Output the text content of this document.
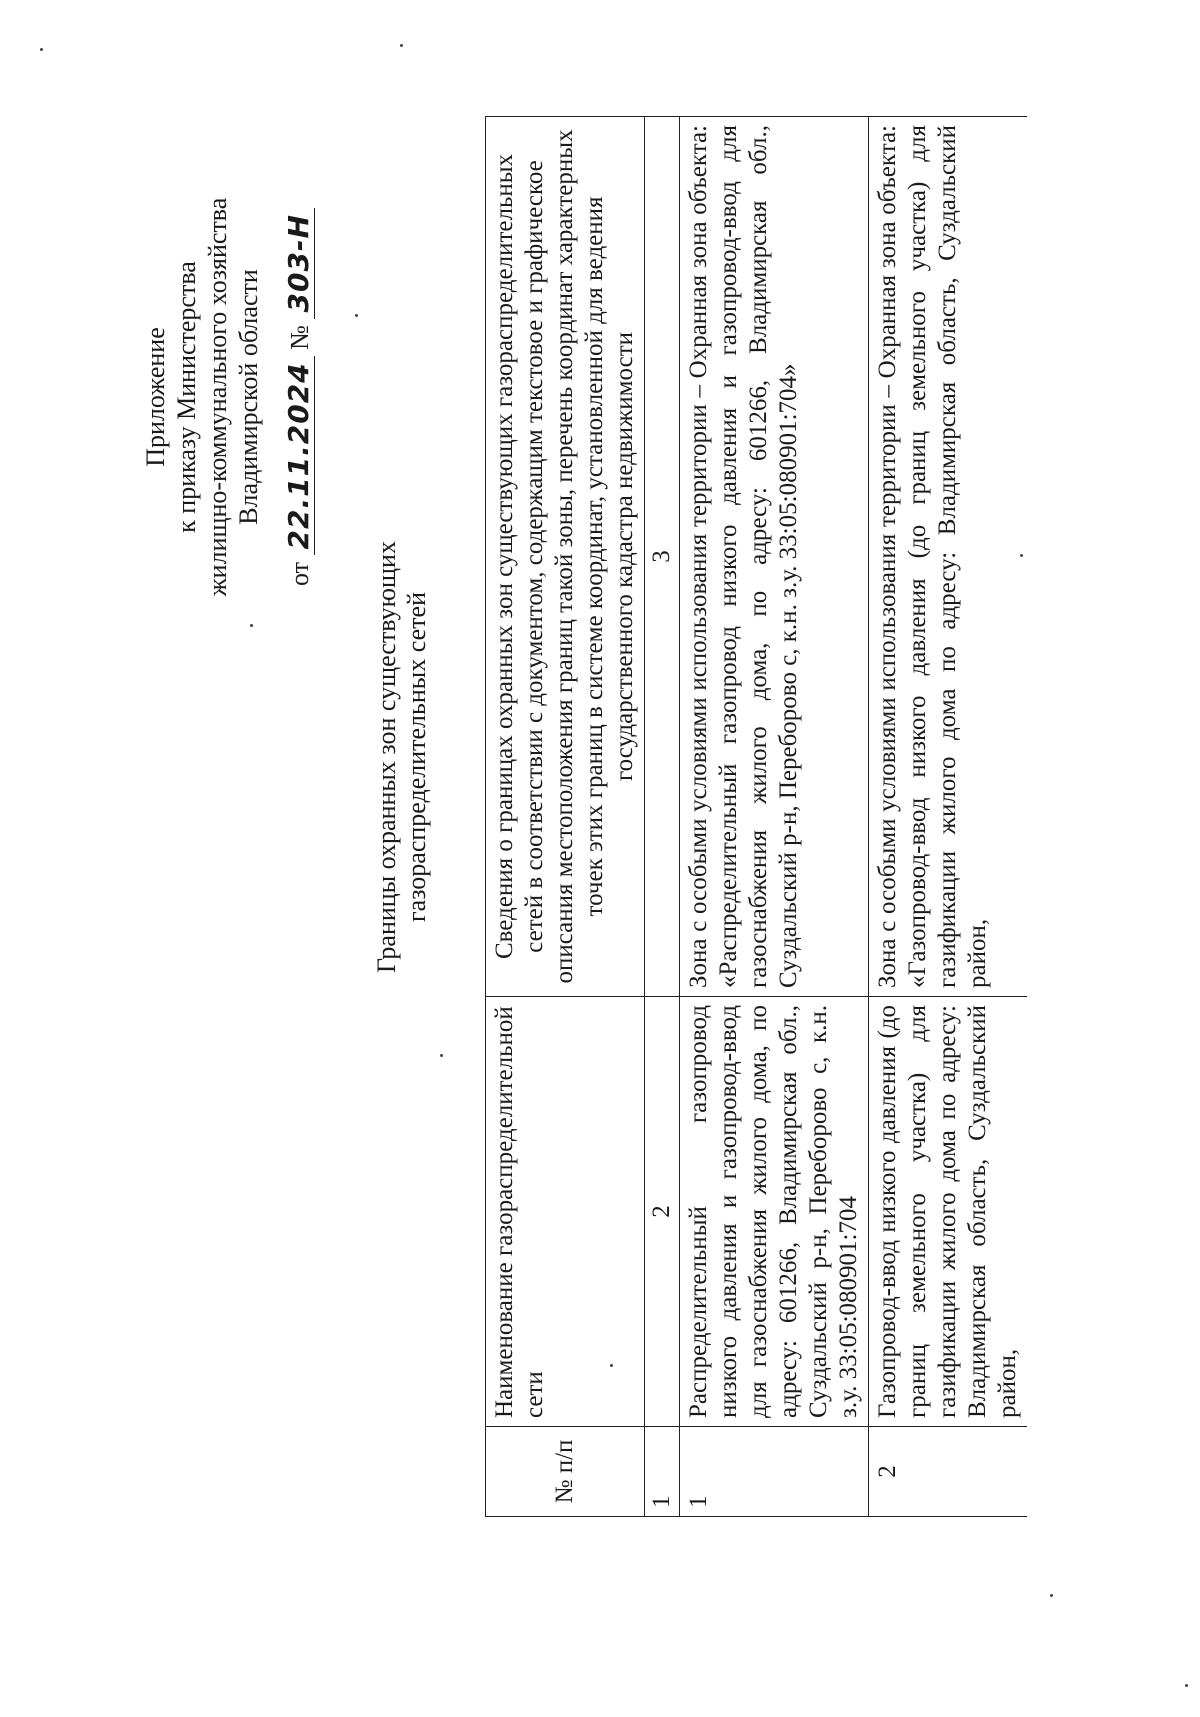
Приложение к приказу Министерства жилищно-коммунального хозяйства Владимирской области
от 22.11.2024 № 303-Н
Границы охранных зон существующих газораспределительных сетей
№ п/п	Наименование газораспределительной сети	Сведения о границах охранных зон существующих газораспределительных сетей в соответствии с документом, содержащим текстовое и графическое описания местоположения границ такой зоны, перечень координат характерных точек этих границ в системе координат, установленной для ведения государственного кадастра недвижимости
1	2	3
1	Распределительный газопровод низкого давления и газопровод-ввод для газоснабжения жилого дома, по адресу: 601266, Владимирская обл., Суздальский р-н, Переборово с, к.н. з.у. 33:05:080901:704	Зона с особыми условиями использования территории – Охранная зона объекта: «Распределительный газопровод низкого давления и газопровод-ввод для газоснабжения жилого дома, по адресу: 601266, Владимирская обл., Суздальский р-н, Переборово с, к.н. з.у. 33:05:080901:704»
2	Газопровод-ввод низкого давления (до границ земельного участка) для газификации жилого дома по адресу: Владимирская область, Суздальский район,	Зона с особыми условиями использования территории – Охранная зона объекта: «Газопровод-ввод низкого давления (до границ земельного участка) для газификации жилого дома по адресу: Владимирская область, Суздальский район,
